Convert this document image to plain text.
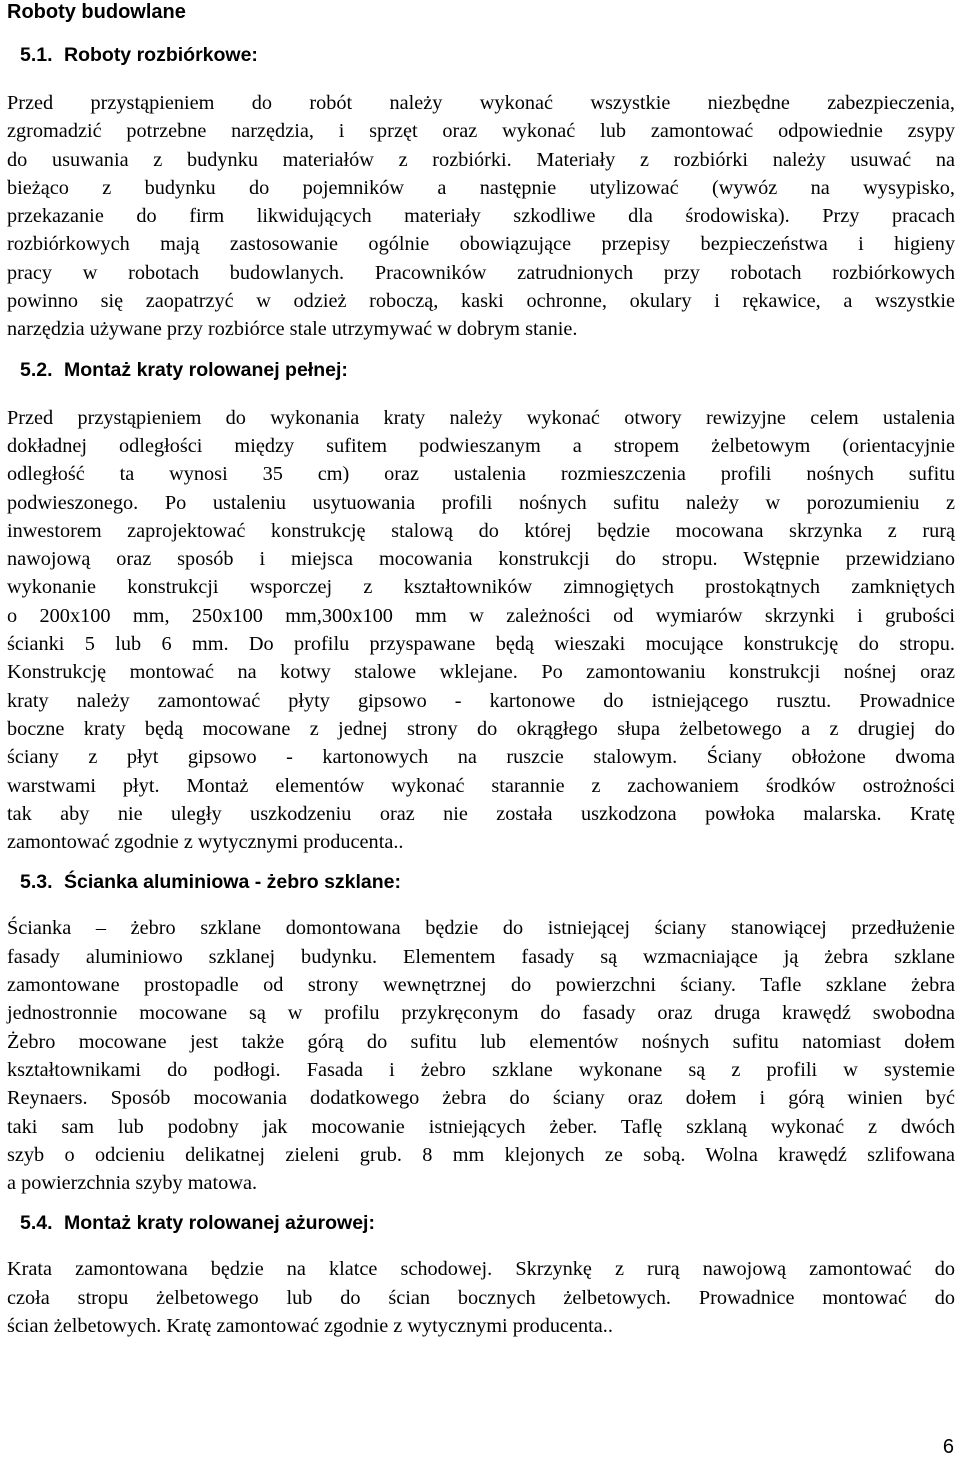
Roboty budowlane
5.1. Roboty rozbiórkowe:
Przed przystąpieniem do robót należy wykonać wszystkie niezbędne zabezpieczenia,
zgromadzić potrzebne narzędzia, i sprzęt oraz wykonać lub zamontować odpowiednie zsypy
do usuwania z budynku materiałów z rozbiórki. Materiały z rozbiórki należy usuwać na
bieżąco z budynku do pojemników a następnie utylizować (wywóz na wysypisko,
przekazanie do firm likwidujących materiały szkodliwe dla środowiska). Przy pracach
rozbiórkowych mają zastosowanie ogólnie obowiązujące przepisy bezpieczeństwa i higieny
pracy w robotach budowlanych. Pracowników zatrudnionych przy robotach rozbiórkowych
powinno się zaopatrzyć w odzież roboczą, kaski ochronne, okulary i rękawice, a wszystkie
narzędzia używane przy rozbiórce stale utrzymywać w dobrym stanie.
5.2. Montaż kraty rolowanej pełnej:
Przed przystąpieniem do wykonania kraty należy wykonać otwory rewizyjne celem ustalenia
dokładnej odległości między sufitem podwieszanym a stropem żelbetowym (orientacyjnie
odległość ta wynosi 35 cm) oraz ustalenia rozmieszczenia profili nośnych sufitu
podwieszonego. Po ustaleniu usytuowania profili nośnych sufitu należy w porozumieniu z
inwestorem zaprojektować konstrukcję stalową do której będzie mocowana skrzynka z rurą
nawojową oraz sposób i miejsca mocowania konstrukcji do stropu. Wstępnie przewidziano
wykonanie konstrukcji wsporczej z kształtowników zimnogiętych prostokątnych zamkniętych
o 200x100 mm, 250x100 mm,300x100 mm w zależności od wymiarów skrzynki i grubości
ścianki 5 lub 6 mm. Do profilu przyspawane będą wieszaki mocujące konstrukcję do stropu.
Konstrukcję montować na kotwy stalowe wklejane. Po zamontowaniu konstrukcji nośnej oraz
kraty należy zamontować płyty gipsowo - kartonowe do istniejącego rusztu. Prowadnice
boczne kraty będą mocowane z jednej strony do okrągłego słupa żelbetowego a z drugiej do
ściany z płyt gipsowo - kartonowych na ruszcie stalowym. Ściany obłożone dwoma
warstwami płyt. Montaż elementów wykonać starannie z zachowaniem środków ostrożności
tak aby nie uległy uszkodzeniu oraz nie została uszkodzona powłoka malarska. Kratę
zamontować zgodnie z wytycznymi producenta..
5.3. Ścianka aluminiowa - żebro szklane:
Ścianka – żebro szklane domontowana będzie do istniejącej ściany stanowiącej przedłużenie
fasady aluminiowo szklanej budynku. Elementem fasady są wzmacniające ją żebra szklane
zamontowane prostopadle od strony wewnętrznej do powierzchni ściany. Tafle szklane żebra
jednostronnie mocowane są w profilu przykręconym do fasady oraz druga krawędź swobodna
Żebro mocowane jest także górą do sufitu lub elementów nośnych sufitu natomiast dołem
kształtownikami do podłogi. Fasada i żebro szklane wykonane są z profili w systemie
Reynaers. Sposób mocowania dodatkowego żebra do ściany oraz dołem i górą winien być
taki sam lub podobny jak mocowanie istniejących żeber. Taflę szklaną wykonać z dwóch
szyb o odcieniu delikatnej zieleni grub. 8 mm klejonych ze sobą. Wolna krawędź szlifowana
a powierzchnia szyby matowa.
5.4. Montaż kraty rolowanej ażurowej:
Krata zamontowana będzie na klatce schodowej. Skrzynkę z rurą nawojową zamontować do
czoła stropu żelbetowego lub do ścian bocznych żelbetowych. Prowadnice montować do
ścian żelbetowych. Kratę zamontować zgodnie z wytycznymi producenta..
6
